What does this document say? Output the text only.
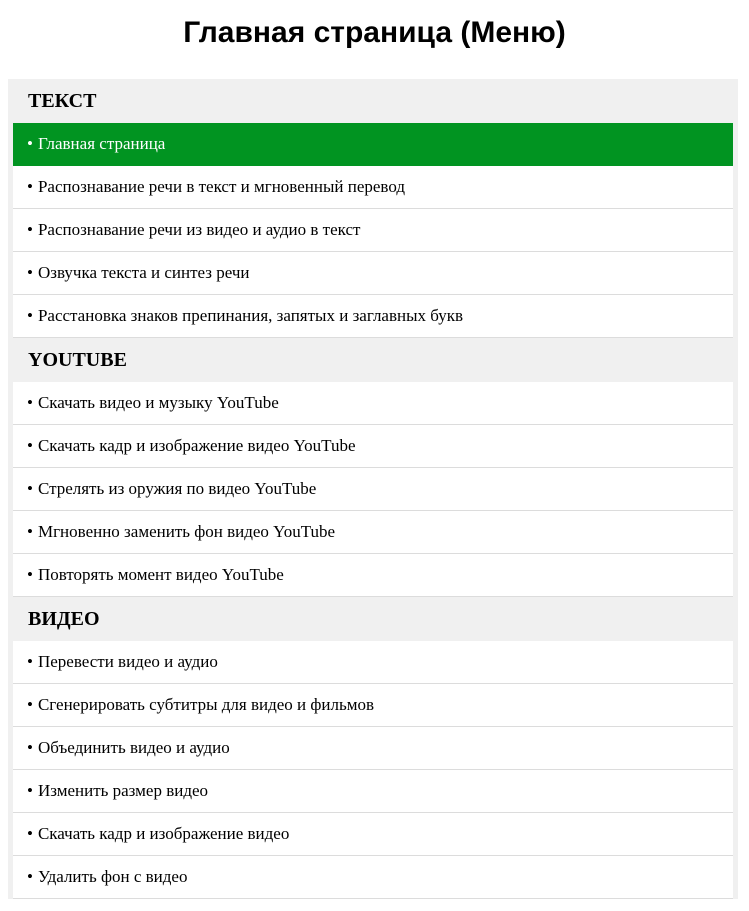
Главная страница (Меню)
ТЕКСТ
• Главная страница
• Распознавание речи в текст и мгновенный перевод
• Распознавание речи из видео и аудио в текст
• Озвучка текста и синтез речи
• Расстановка знаков препинания, запятых и заглавных букв
YOUTUBE
• Скачать видео и музыку YouTube
• Скачать кадр и изображение видео YouTube
• Стрелять из оружия по видео YouTube
• Мгновенно заменить фон видео YouTube
• Повторять момент видео YouTube
ВИДЕО
• Перевести видео и аудио
• Сгенерировать субтитры для видео и фильмов
• Объединить видео и аудио
• Изменить размер видео
• Скачать кадр и изображение видео
• Удалить фон с видео
